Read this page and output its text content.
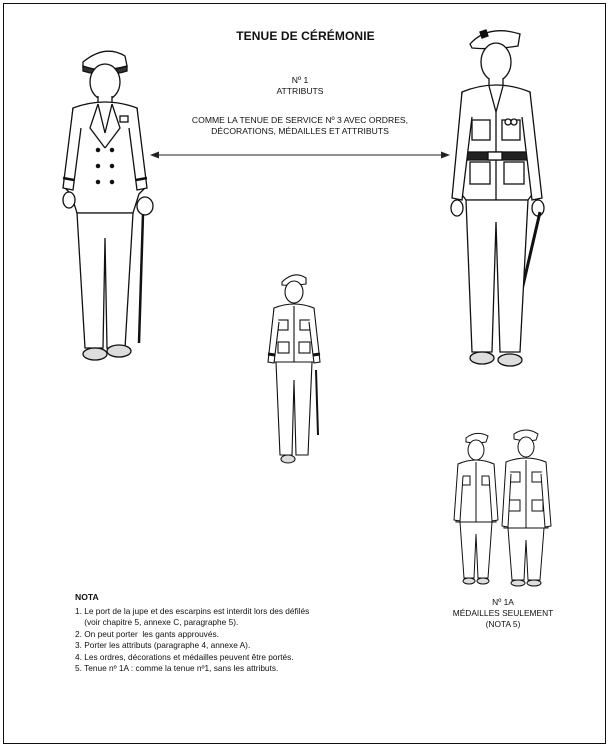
TENUE DE CÉRÉMONIE
Nº 1
ATTRIBUTS
COMME LA TENUE DE SERVICE Nº 3 AVEC ORDRES,
DÉCORATIONS, MÉDAILLES ET ATTRIBUTS
NOTA
1. Le port de la jupe et des escarpins est interdit lors des défilés
(voir chapitre 5, annexe C, paragraphe 5).
2. On peut porter  les gants approuvés.
3. Porter les attributs (paragraphe 4, annexe A).
4. Les ordres, décorations et médailles peuvent être portés.
5. Tenue nº 1A : comme la tenue nº1, sans les attributs.
Nº 1A
MÉDAILLES SEULEMENT
(NOTA 5)
